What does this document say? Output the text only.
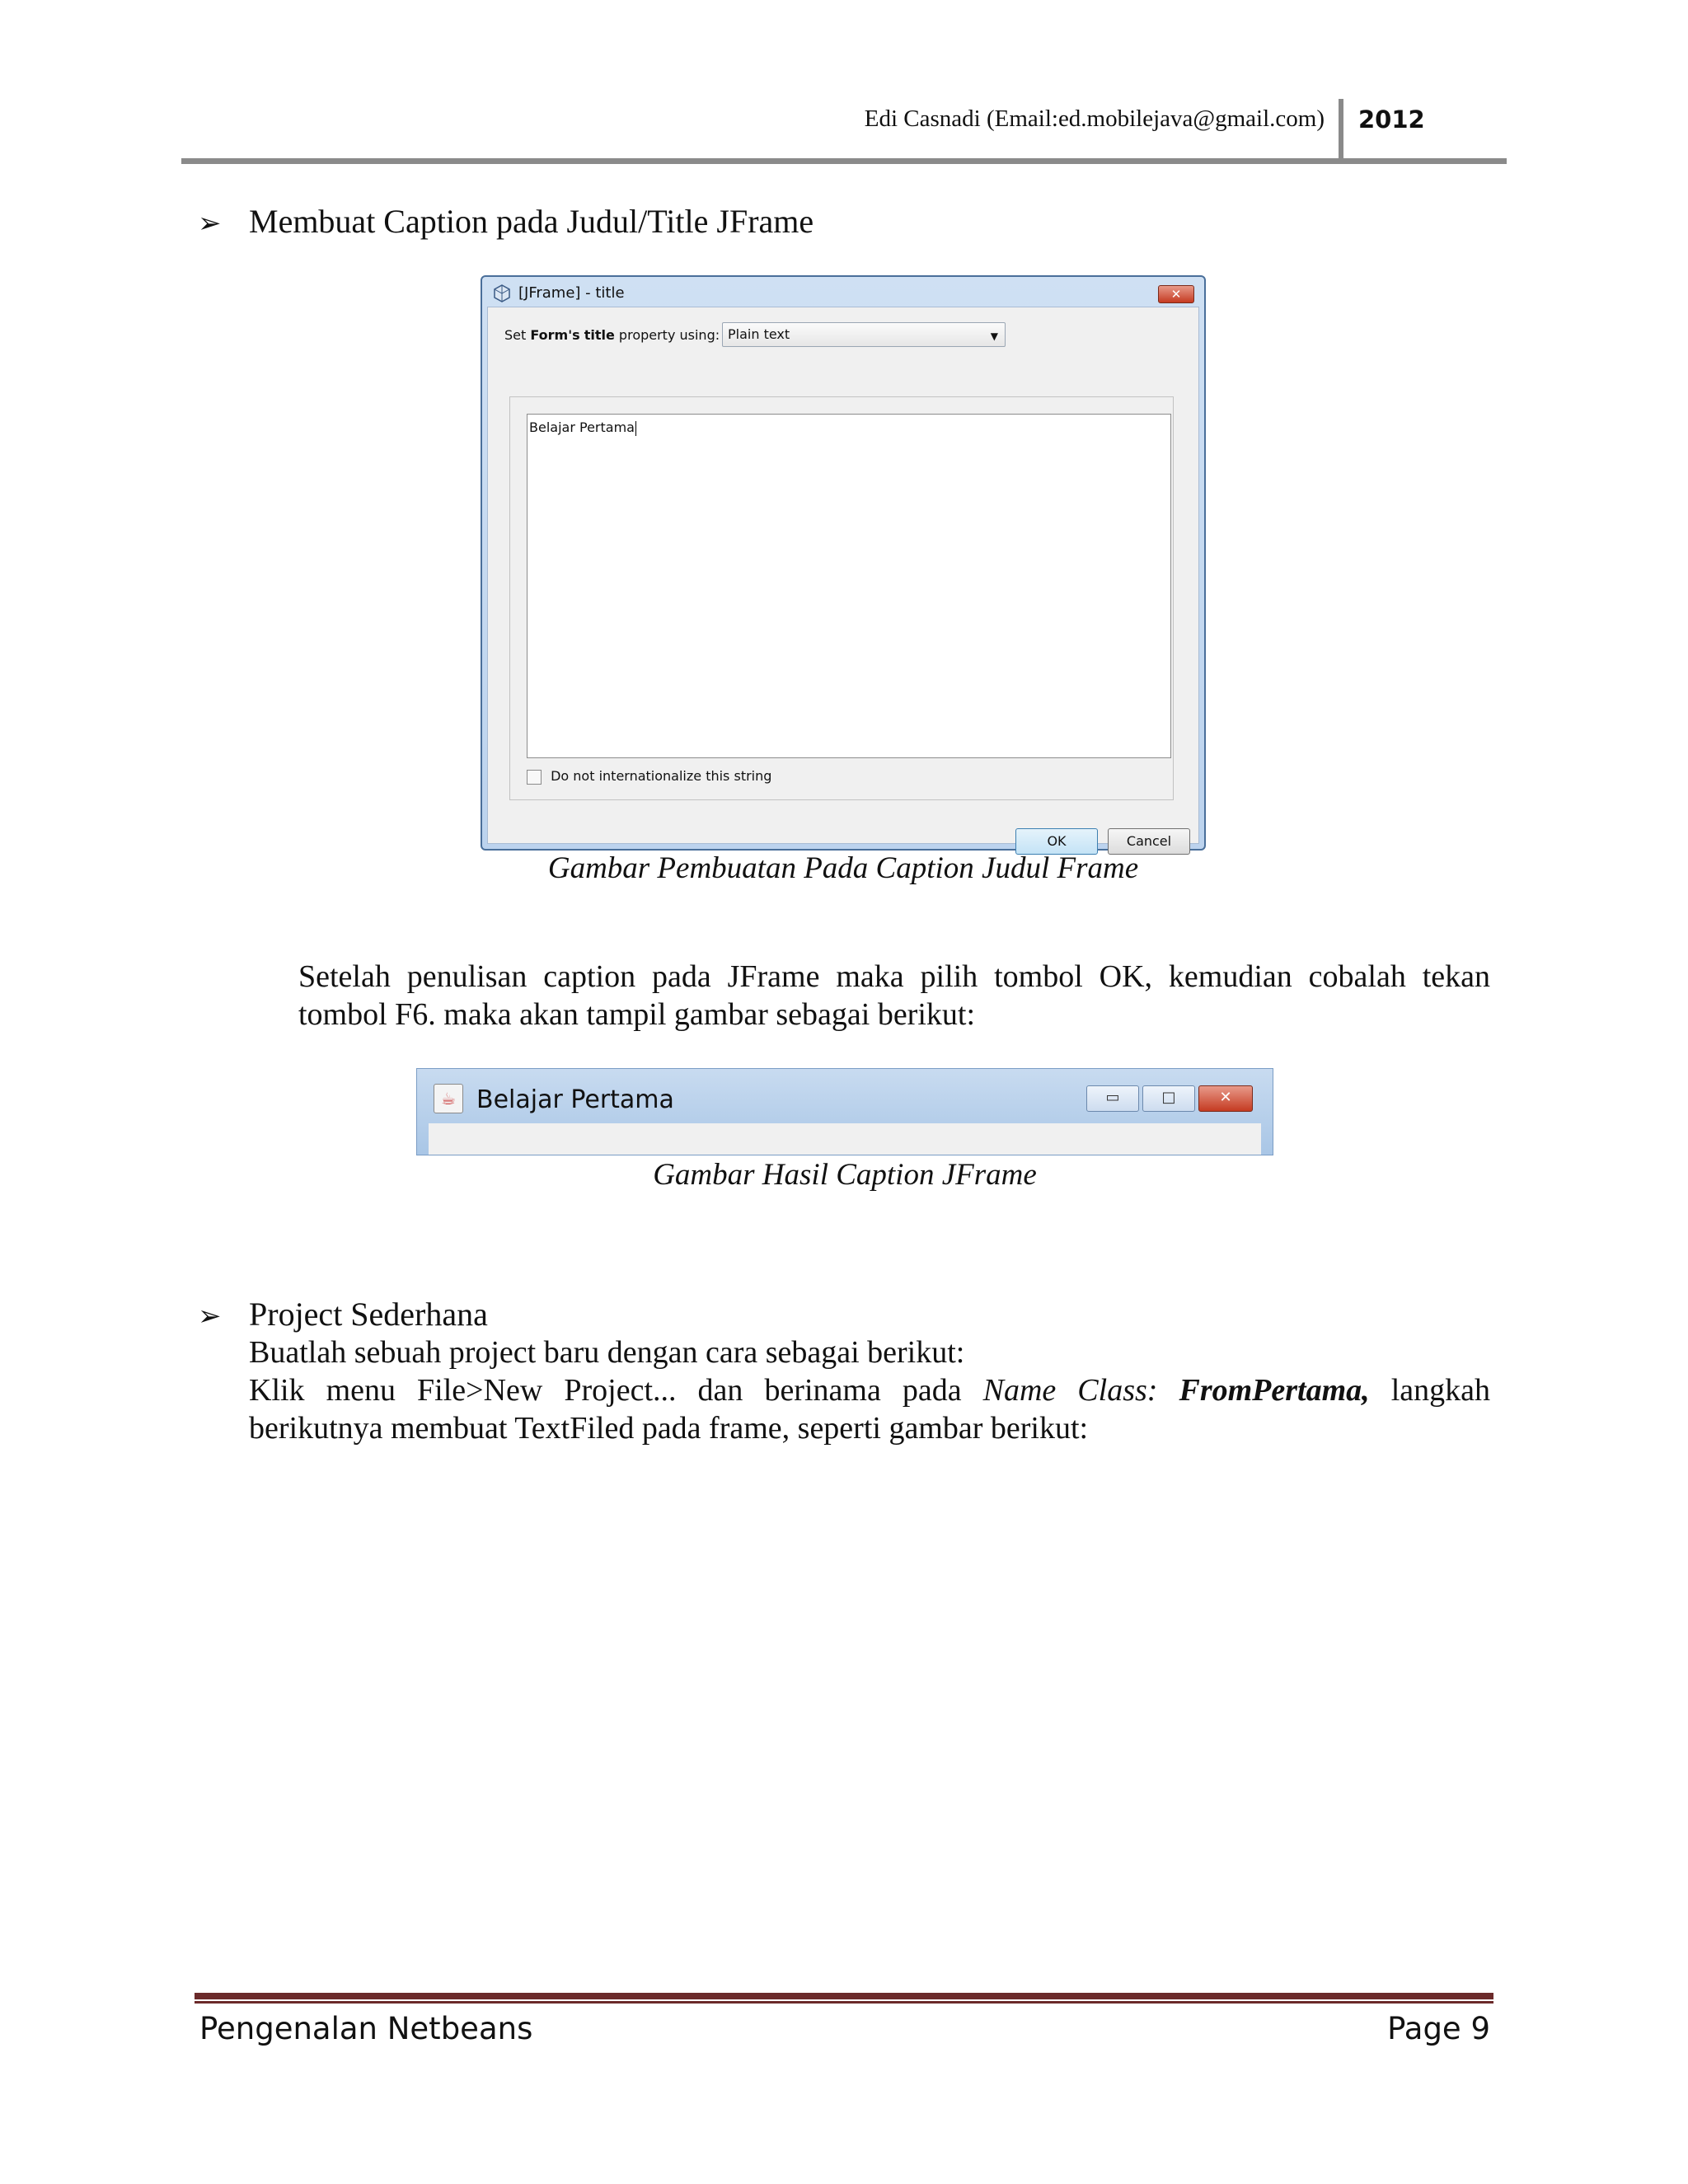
Edi Casnadi (Email:ed.mobilejava@gmail.com) 2012
➢ Membuat Caption pada Judul/Title JFrame
[JFrame] - title	✕
Set Form's title property using: Plain text	▼
Belajar Pertama
Do not internationalize this string
OK	Cancel
Gambar Pembuatan Pada Caption Judul Frame
Setelah penulisan caption pada JFrame maka pilih tombol OK, kemudian cobalah tekan tombol F6. maka akan tampil gambar sebagai berikut:
☕ Belajar Pertama	▭	□	✕
Gambar Hasil Caption JFrame
➢ Project Sederhana
Buatlah sebuah project baru dengan cara sebagai berikut:
Klik menu File>New Project... dan berinama pada Name Class: FromPertama, langkah berikutnya membuat TextFiled pada frame, seperti gambar berikut:
Pengenalan Netbeans	Page 9
